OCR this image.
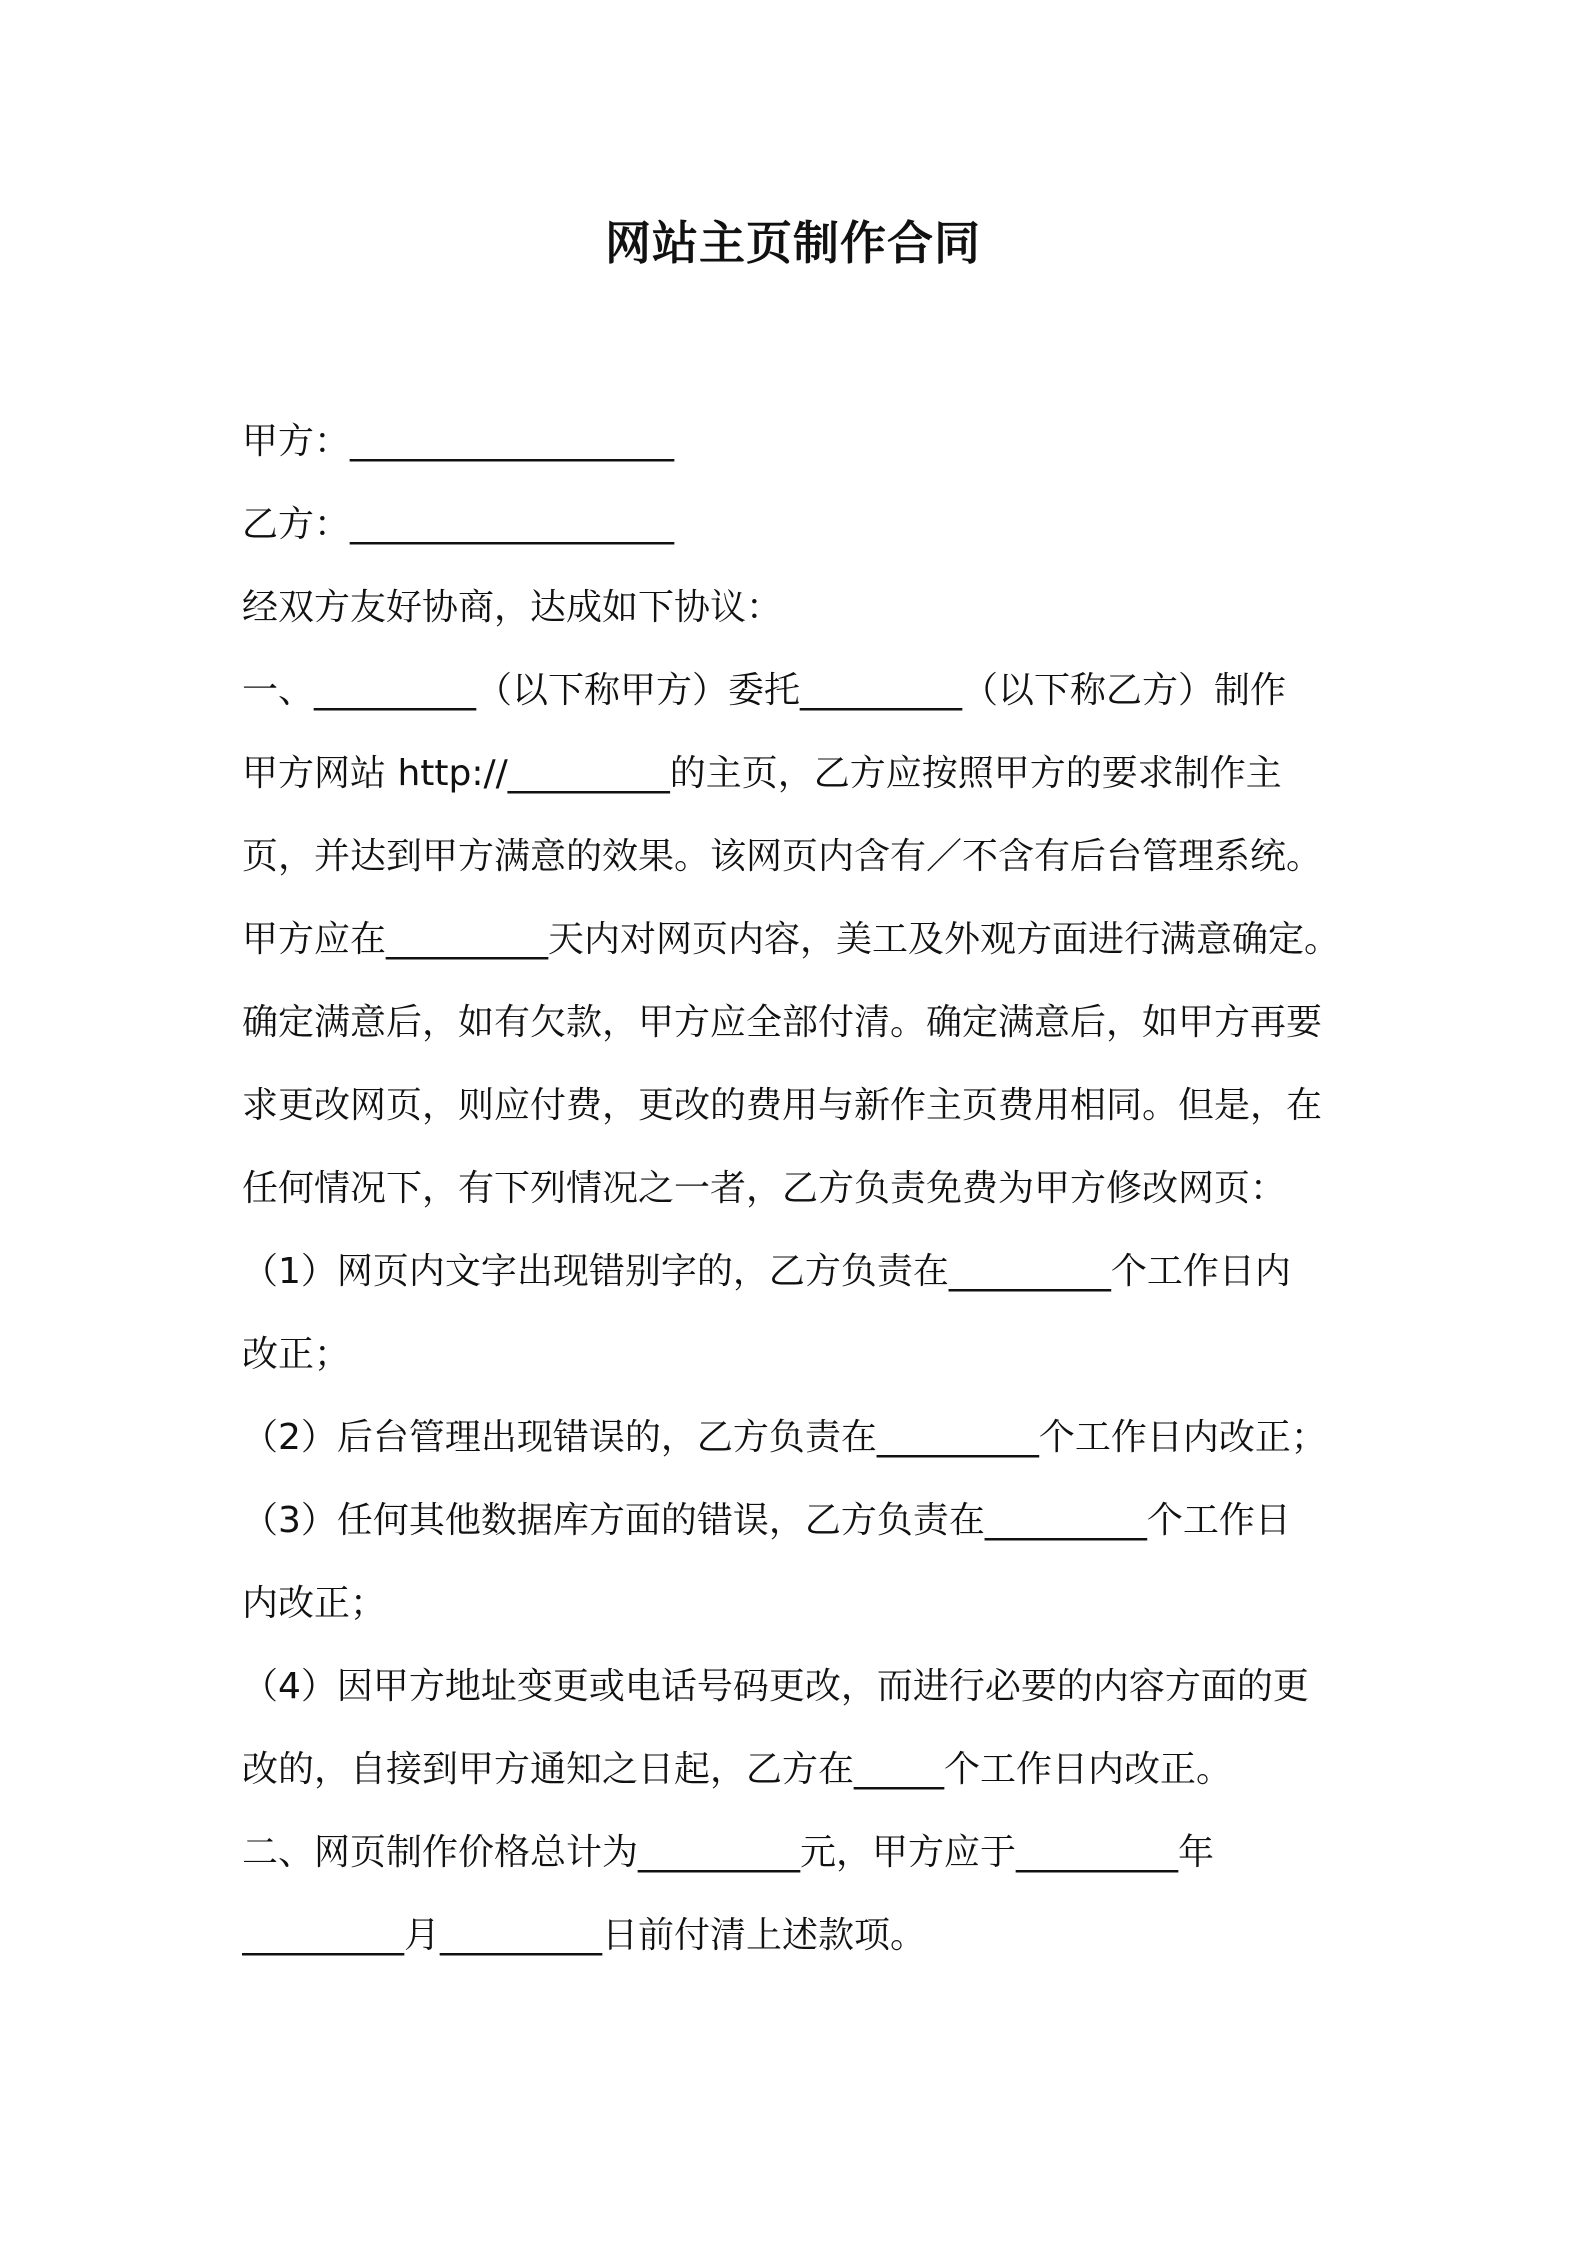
网站主页制作合同
甲方：__________________
乙方：__________________
经双方友好协商，达成如下协议：
一、_________（以下称甲方）委托_________（以下称乙方）制作
甲方网站 http://_________的主页，乙方应按照甲方的要求制作主
页，并达到甲方满意的效果。该网页内含有／不含有后台管理系统。
甲方应在_________天内对网页内容，美工及外观方面进行满意确定。
确定满意后，如有欠款，甲方应全部付清。确定满意后，如甲方再要
求更改网页，则应付费，更改的费用与新作主页费用相同。但是，在
任何情况下，有下列情况之一者，乙方负责免费为甲方修改网页：
（1）网页内文字出现错别字的，乙方负责在_________个工作日内
改正；
（2）后台管理出现错误的，乙方负责在_________个工作日内改正；
（3）任何其他数据库方面的错误，乙方负责在_________个工作日
内改正；
（4）因甲方地址变更或电话号码更改，而进行必要的内容方面的更
改的，自接到甲方通知之日起，乙方在_____个工作日内改正。
二、网页制作价格总计为_________元，甲方应于_________年
_________月_________日前付清上述款项。
